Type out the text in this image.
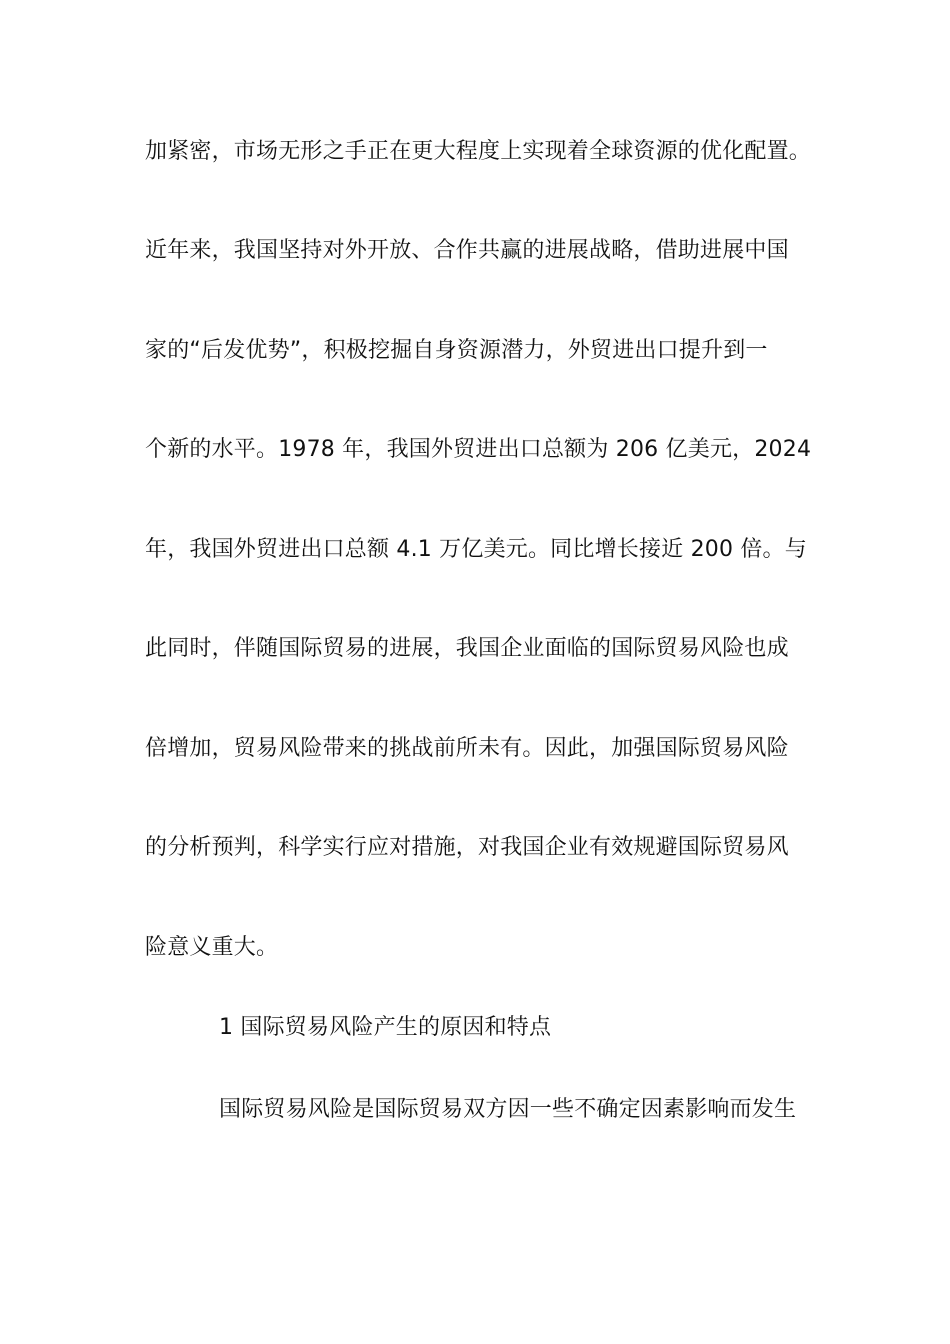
加紧密，市场无形之手正在更大程度上实现着全球资源的优化配置。
近年来，我国坚持对外开放、合作共赢的进展战略，借助进展中国
家的“后发优势”，积极挖掘自身资源潜力，外贸进出口提升到一
个新的水平。1978 年，我国外贸进出口总额为 206 亿美元，2024
年，我国外贸进出口总额 4.1 万亿美元。同比增长接近 200 倍。与
此同时，伴随国际贸易的进展，我国企业面临的国际贸易风险也成
倍增加，贸易风险带来的挑战前所未有。因此，加强国际贸易风险
的分析预判，科学实行应对措施，对我国企业有效规避国际贸易风
险意义重大。
1 国际贸易风险产生的原因和特点
国际贸易风险是国际贸易双方因一些不确定因素影响而发生
